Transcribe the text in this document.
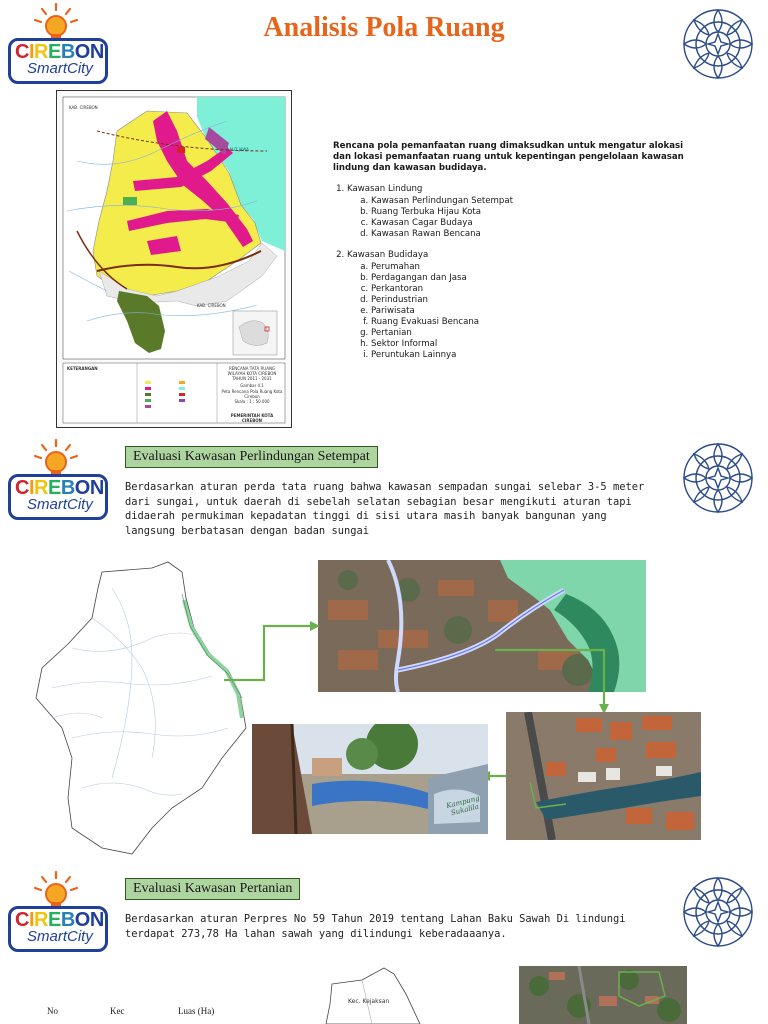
Analisis Pola Ruang
CIREBON
SmartCity
KAB. CIREBON
LAUT JAWA
KAB. CIREBON
KETERANGAN	RENCANA TATA RUANG WILAYAH KOTA CIREBON TAHUN 2011 - 2031
Gambar 4.1
Peta Rencana Pola Ruang Kota Cirebon
Skala : 1 : 50.000
PEMERINTAH KOTA CIREBON

Rencana pola pemanfaatan ruang dimaksudkan untuk mengatur alokasi dan lokasi pemanfaatan ruang untuk kepentingan pengelolaan kawasan lindung dan kawasan budidaya.

1. Kawasan Lindung
a. Kawasan Perlindungan Setempat
b. Ruang Terbuka Hijau Kota
c. Kawasan Cagar Budaya
d. Kawasan Rawan Bencana
2. Kawasan Budidaya
a. Perumahan
b. Perdagangan dan Jasa
c. Perkantoran
d. Perindustrian
e. Pariwisata
f. Ruang Evakuasi Bencana
g. Pertanian
h. Sektor Informal
i. Peruntukan Lainnya
CIREBON
SmartCity
Evaluasi Kawasan Perlindungan Setempat
Berdasarkan aturan perda tata ruang bahwa kawasan sempadan sungai selebar 3-5 meter dari sungai, untuk daerah di sebelah selatan sebagian besar mengikuti aturan tapi didaerah permukiman kepadatan tinggi di sisi utara masih banyak bangunan yang langsung berbatasan dengan badan sungai
Kampung Sukalila
CIREBON
SmartCity
Evaluasi Kawasan Pertanian
Berdasarkan aturan Perpres No 59 Tahun 2019 tentang Lahan Baku Sawah Di lindungi terdapat 273,78 Ha lahan sawah yang dilindungi keberadaaanya.
No	Kec	Luas (Ha)
Kec. Kejaksan
